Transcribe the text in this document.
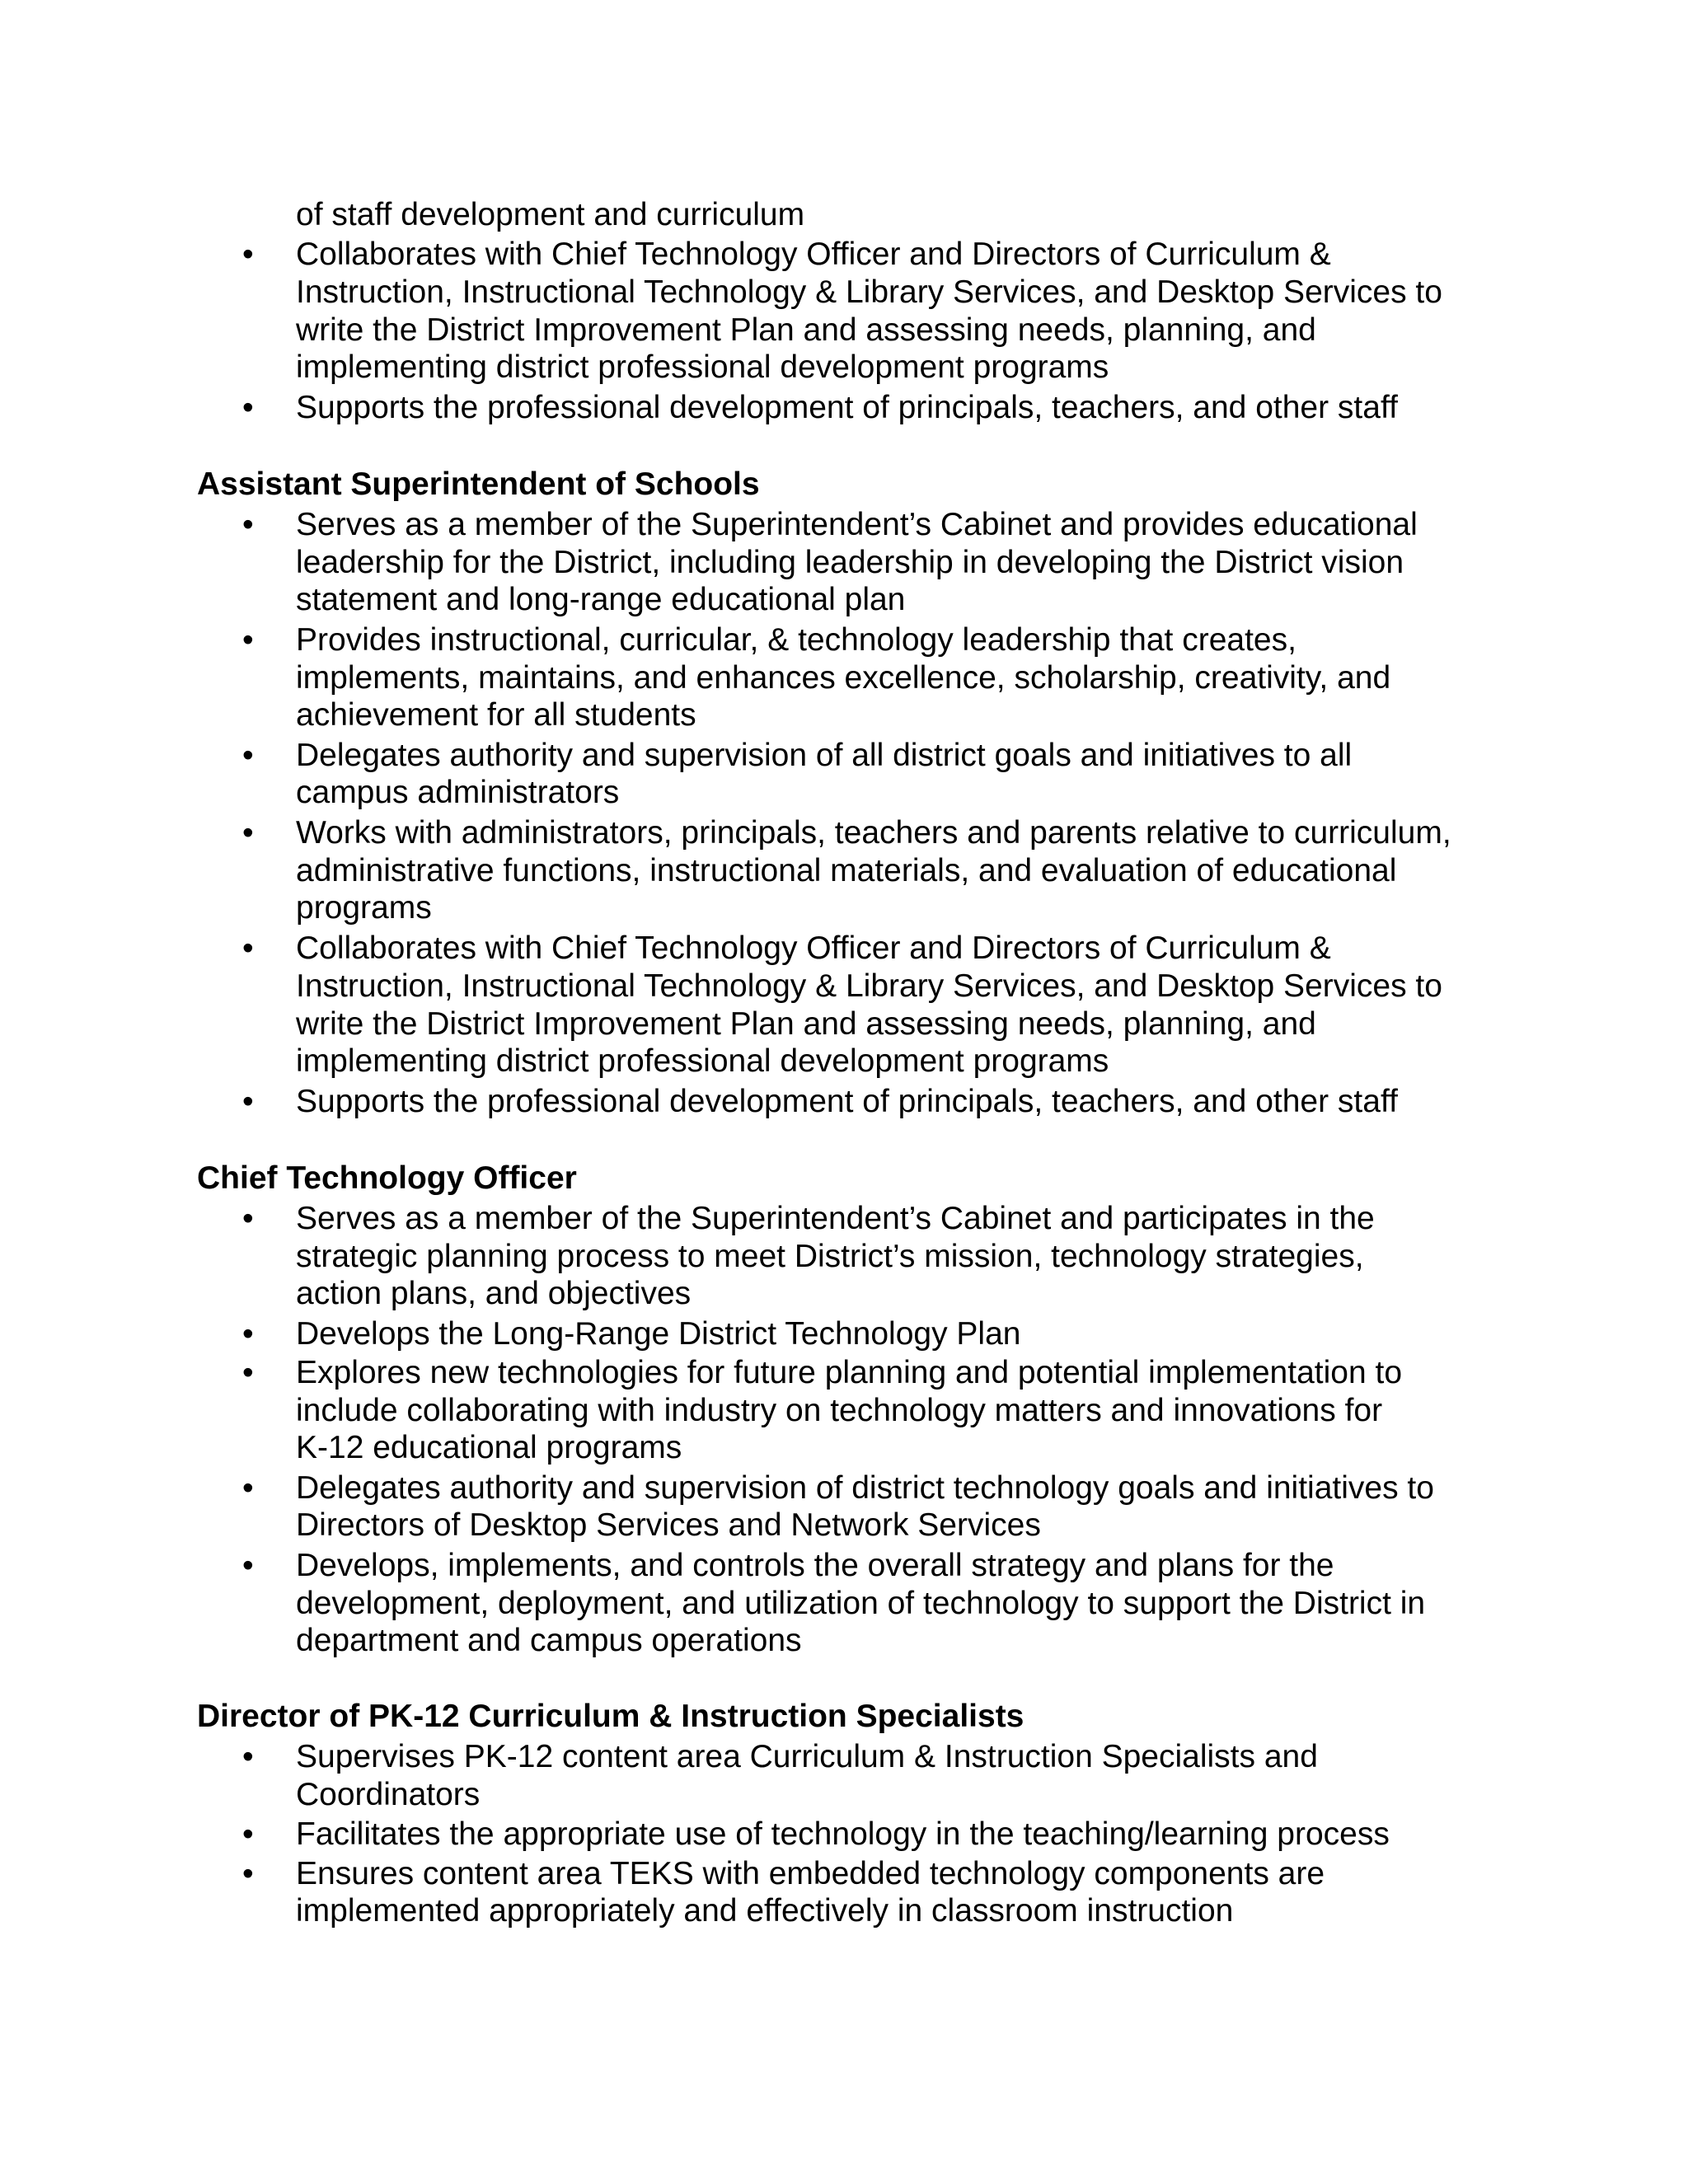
of staff development and curriculum
• Collaborates with Chief Technology Officer and Directors of Curriculum &
Instruction, Instructional Technology & Library Services, and Desktop Services to
write the District Improvement Plan and assessing needs, planning, and
implementing district professional development programs
• Supports the professional development of principals, teachers, and other staff
Assistant Superintendent of Schools
• Serves as a member of the Superintendent’s Cabinet and provides educational
leadership for the District, including leadership in developing the District vision
statement and long-range educational plan
• Provides instructional, curricular, & technology leadership that creates,
implements, maintains, and enhances excellence, scholarship, creativity, and
achievement for all students
• Delegates authority and supervision of all district goals and initiatives to all
campus administrators
• Works with administrators, principals, teachers and parents relative to curriculum,
administrative functions, instructional materials, and evaluation of educational
programs
• Collaborates with Chief Technology Officer and Directors of Curriculum &
Instruction, Instructional Technology & Library Services, and Desktop Services to
write the District Improvement Plan and assessing needs, planning, and
implementing district professional development programs
• Supports the professional development of principals, teachers, and other staff
Chief Technology Officer
• Serves as a member of the Superintendent’s Cabinet and participates in the
strategic planning process to meet District’s mission, technology strategies,
action plans, and objectives
• Develops the Long-Range District Technology Plan
• Explores new technologies for future planning and potential implementation to
include collaborating with industry on technology matters and innovations for
K-12 educational programs
• Delegates authority and supervision of district technology goals and initiatives to
Directors of Desktop Services and Network Services
• Develops, implements, and controls the overall strategy and plans for the
development, deployment, and utilization of technology to support the District in
department and campus operations
Director of PK-12 Curriculum & Instruction Specialists
• Supervises PK-12 content area Curriculum & Instruction Specialists and
Coordinators
• Facilitates the appropriate use of technology in the teaching/learning process
• Ensures content area TEKS with embedded technology components are
implemented appropriately and effectively in classroom instruction
